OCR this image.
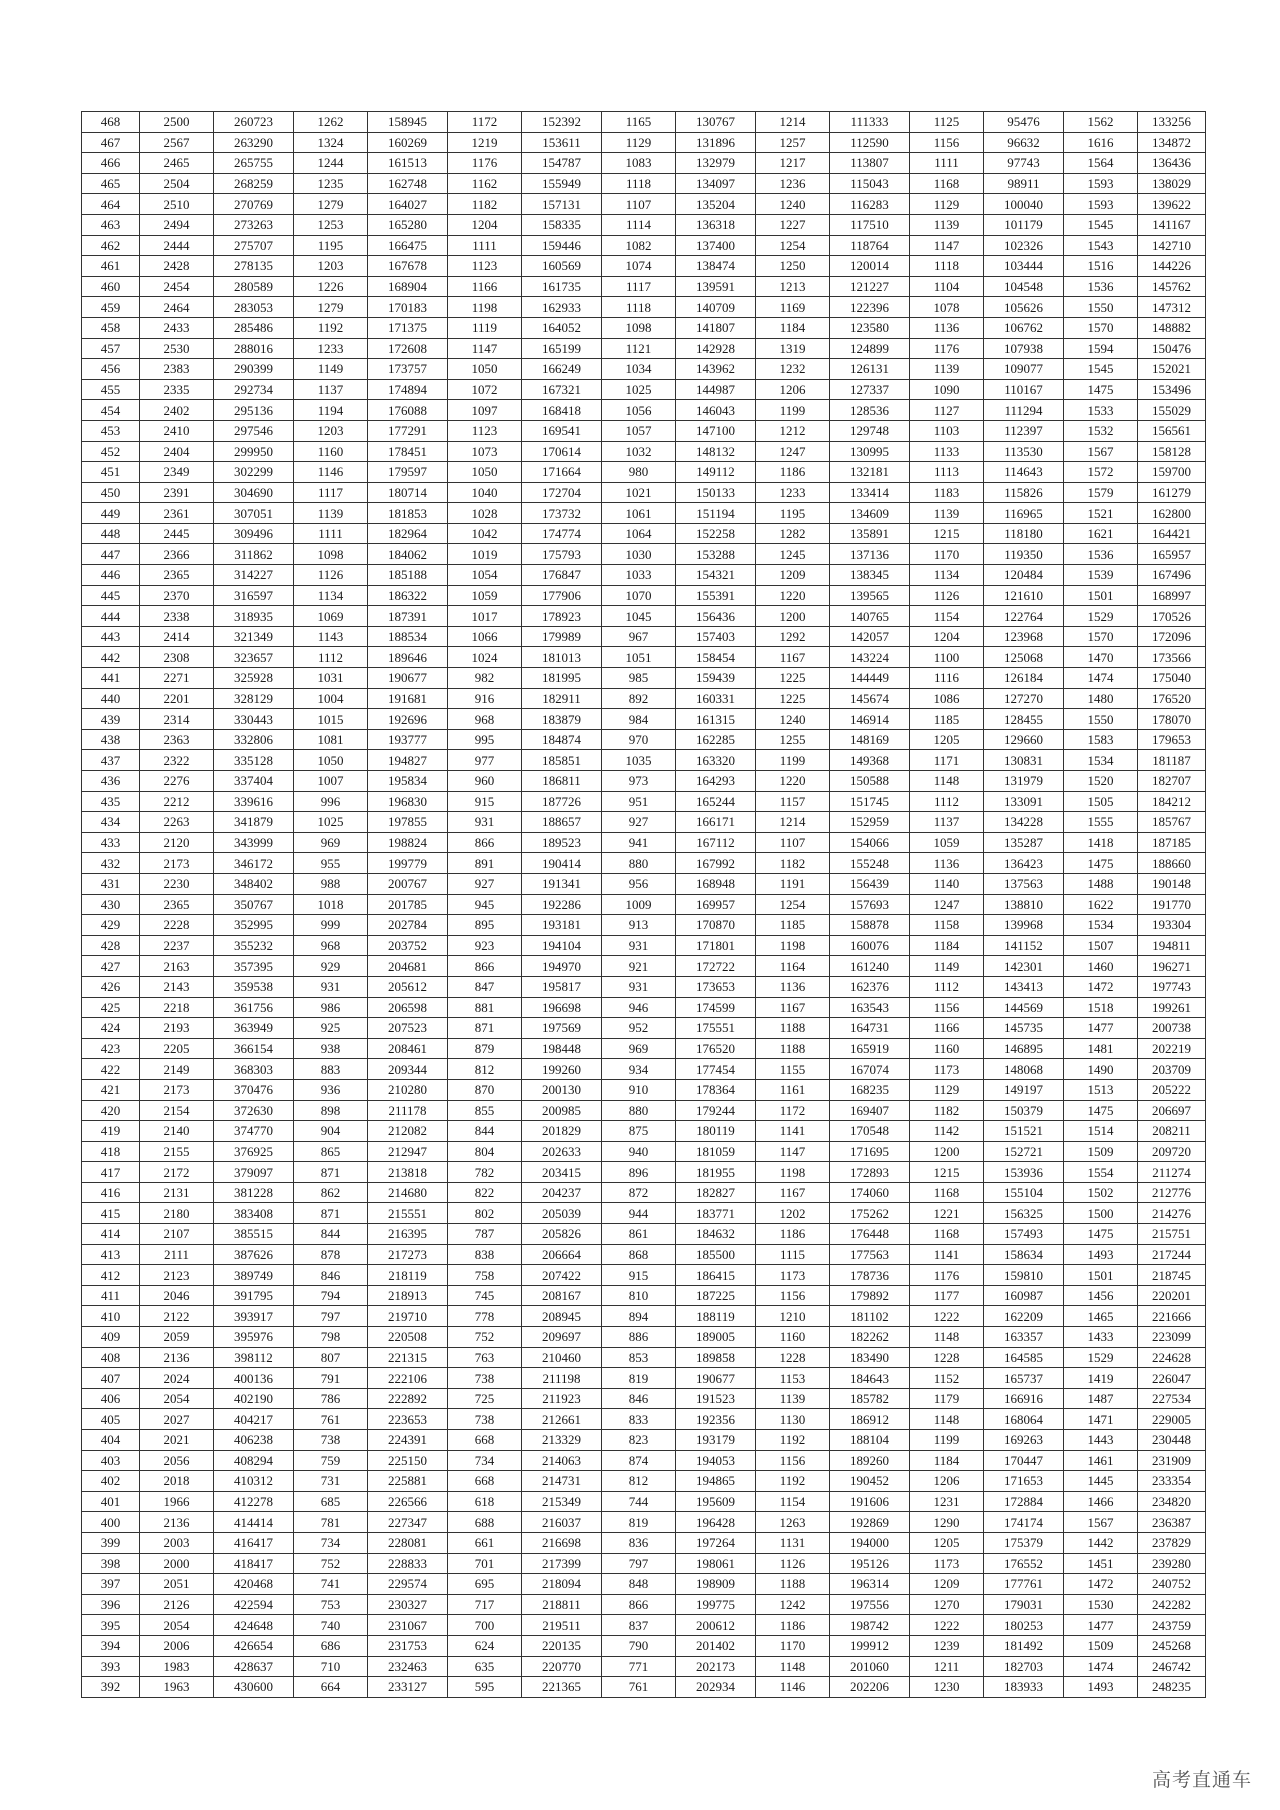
468	2500	260723	1262	158945	1172	152392	1165	130767	1214	111333	1125	95476	1562	133256
467	2567	263290	1324	160269	1219	153611	1129	131896	1257	112590	1156	96632	1616	134872
466	2465	265755	1244	161513	1176	154787	1083	132979	1217	113807	1111	97743	1564	136436
465	2504	268259	1235	162748	1162	155949	1118	134097	1236	115043	1168	98911	1593	138029
464	2510	270769	1279	164027	1182	157131	1107	135204	1240	116283	1129	100040	1593	139622
463	2494	273263	1253	165280	1204	158335	1114	136318	1227	117510	1139	101179	1545	141167
462	2444	275707	1195	166475	1111	159446	1082	137400	1254	118764	1147	102326	1543	142710
461	2428	278135	1203	167678	1123	160569	1074	138474	1250	120014	1118	103444	1516	144226
460	2454	280589	1226	168904	1166	161735	1117	139591	1213	121227	1104	104548	1536	145762
459	2464	283053	1279	170183	1198	162933	1118	140709	1169	122396	1078	105626	1550	147312
458	2433	285486	1192	171375	1119	164052	1098	141807	1184	123580	1136	106762	1570	148882
457	2530	288016	1233	172608	1147	165199	1121	142928	1319	124899	1176	107938	1594	150476
456	2383	290399	1149	173757	1050	166249	1034	143962	1232	126131	1139	109077	1545	152021
455	2335	292734	1137	174894	1072	167321	1025	144987	1206	127337	1090	110167	1475	153496
454	2402	295136	1194	176088	1097	168418	1056	146043	1199	128536	1127	111294	1533	155029
453	2410	297546	1203	177291	1123	169541	1057	147100	1212	129748	1103	112397	1532	156561
452	2404	299950	1160	178451	1073	170614	1032	148132	1247	130995	1133	113530	1567	158128
451	2349	302299	1146	179597	1050	171664	980	149112	1186	132181	1113	114643	1572	159700
450	2391	304690	1117	180714	1040	172704	1021	150133	1233	133414	1183	115826	1579	161279
449	2361	307051	1139	181853	1028	173732	1061	151194	1195	134609	1139	116965	1521	162800
448	2445	309496	1111	182964	1042	174774	1064	152258	1282	135891	1215	118180	1621	164421
447	2366	311862	1098	184062	1019	175793	1030	153288	1245	137136	1170	119350	1536	165957
446	2365	314227	1126	185188	1054	176847	1033	154321	1209	138345	1134	120484	1539	167496
445	2370	316597	1134	186322	1059	177906	1070	155391	1220	139565	1126	121610	1501	168997
444	2338	318935	1069	187391	1017	178923	1045	156436	1200	140765	1154	122764	1529	170526
443	2414	321349	1143	188534	1066	179989	967	157403	1292	142057	1204	123968	1570	172096
442	2308	323657	1112	189646	1024	181013	1051	158454	1167	143224	1100	125068	1470	173566
441	2271	325928	1031	190677	982	181995	985	159439	1225	144449	1116	126184	1474	175040
440	2201	328129	1004	191681	916	182911	892	160331	1225	145674	1086	127270	1480	176520
439	2314	330443	1015	192696	968	183879	984	161315	1240	146914	1185	128455	1550	178070
438	2363	332806	1081	193777	995	184874	970	162285	1255	148169	1205	129660	1583	179653
437	2322	335128	1050	194827	977	185851	1035	163320	1199	149368	1171	130831	1534	181187
436	2276	337404	1007	195834	960	186811	973	164293	1220	150588	1148	131979	1520	182707
435	2212	339616	996	196830	915	187726	951	165244	1157	151745	1112	133091	1505	184212
434	2263	341879	1025	197855	931	188657	927	166171	1214	152959	1137	134228	1555	185767
433	2120	343999	969	198824	866	189523	941	167112	1107	154066	1059	135287	1418	187185
432	2173	346172	955	199779	891	190414	880	167992	1182	155248	1136	136423	1475	188660
431	2230	348402	988	200767	927	191341	956	168948	1191	156439	1140	137563	1488	190148
430	2365	350767	1018	201785	945	192286	1009	169957	1254	157693	1247	138810	1622	191770
429	2228	352995	999	202784	895	193181	913	170870	1185	158878	1158	139968	1534	193304
428	2237	355232	968	203752	923	194104	931	171801	1198	160076	1184	141152	1507	194811
427	2163	357395	929	204681	866	194970	921	172722	1164	161240	1149	142301	1460	196271
426	2143	359538	931	205612	847	195817	931	173653	1136	162376	1112	143413	1472	197743
425	2218	361756	986	206598	881	196698	946	174599	1167	163543	1156	144569	1518	199261
424	2193	363949	925	207523	871	197569	952	175551	1188	164731	1166	145735	1477	200738
423	2205	366154	938	208461	879	198448	969	176520	1188	165919	1160	146895	1481	202219
422	2149	368303	883	209344	812	199260	934	177454	1155	167074	1173	148068	1490	203709
421	2173	370476	936	210280	870	200130	910	178364	1161	168235	1129	149197	1513	205222
420	2154	372630	898	211178	855	200985	880	179244	1172	169407	1182	150379	1475	206697
419	2140	374770	904	212082	844	201829	875	180119	1141	170548	1142	151521	1514	208211
418	2155	376925	865	212947	804	202633	940	181059	1147	171695	1200	152721	1509	209720
417	2172	379097	871	213818	782	203415	896	181955	1198	172893	1215	153936	1554	211274
416	2131	381228	862	214680	822	204237	872	182827	1167	174060	1168	155104	1502	212776
415	2180	383408	871	215551	802	205039	944	183771	1202	175262	1221	156325	1500	214276
414	2107	385515	844	216395	787	205826	861	184632	1186	176448	1168	157493	1475	215751
413	2111	387626	878	217273	838	206664	868	185500	1115	177563	1141	158634	1493	217244
412	2123	389749	846	218119	758	207422	915	186415	1173	178736	1176	159810	1501	218745
411	2046	391795	794	218913	745	208167	810	187225	1156	179892	1177	160987	1456	220201
410	2122	393917	797	219710	778	208945	894	188119	1210	181102	1222	162209	1465	221666
409	2059	395976	798	220508	752	209697	886	189005	1160	182262	1148	163357	1433	223099
408	2136	398112	807	221315	763	210460	853	189858	1228	183490	1228	164585	1529	224628
407	2024	400136	791	222106	738	211198	819	190677	1153	184643	1152	165737	1419	226047
406	2054	402190	786	222892	725	211923	846	191523	1139	185782	1179	166916	1487	227534
405	2027	404217	761	223653	738	212661	833	192356	1130	186912	1148	168064	1471	229005
404	2021	406238	738	224391	668	213329	823	193179	1192	188104	1199	169263	1443	230448
403	2056	408294	759	225150	734	214063	874	194053	1156	189260	1184	170447	1461	231909
402	2018	410312	731	225881	668	214731	812	194865	1192	190452	1206	171653	1445	233354
401	1966	412278	685	226566	618	215349	744	195609	1154	191606	1231	172884	1466	234820
400	2136	414414	781	227347	688	216037	819	196428	1263	192869	1290	174174	1567	236387
399	2003	416417	734	228081	661	216698	836	197264	1131	194000	1205	175379	1442	237829
398	2000	418417	752	228833	701	217399	797	198061	1126	195126	1173	176552	1451	239280
397	2051	420468	741	229574	695	218094	848	198909	1188	196314	1209	177761	1472	240752
396	2126	422594	753	230327	717	218811	866	199775	1242	197556	1270	179031	1530	242282
395	2054	424648	740	231067	700	219511	837	200612	1186	198742	1222	180253	1477	243759
394	2006	426654	686	231753	624	220135	790	201402	1170	199912	1239	181492	1509	245268
393	1983	428637	710	232463	635	220770	771	202173	1148	201060	1211	182703	1474	246742
392	1963	430600	664	233127	595	221365	761	202934	1146	202206	1230	183933	1493	248235
高考直通车
